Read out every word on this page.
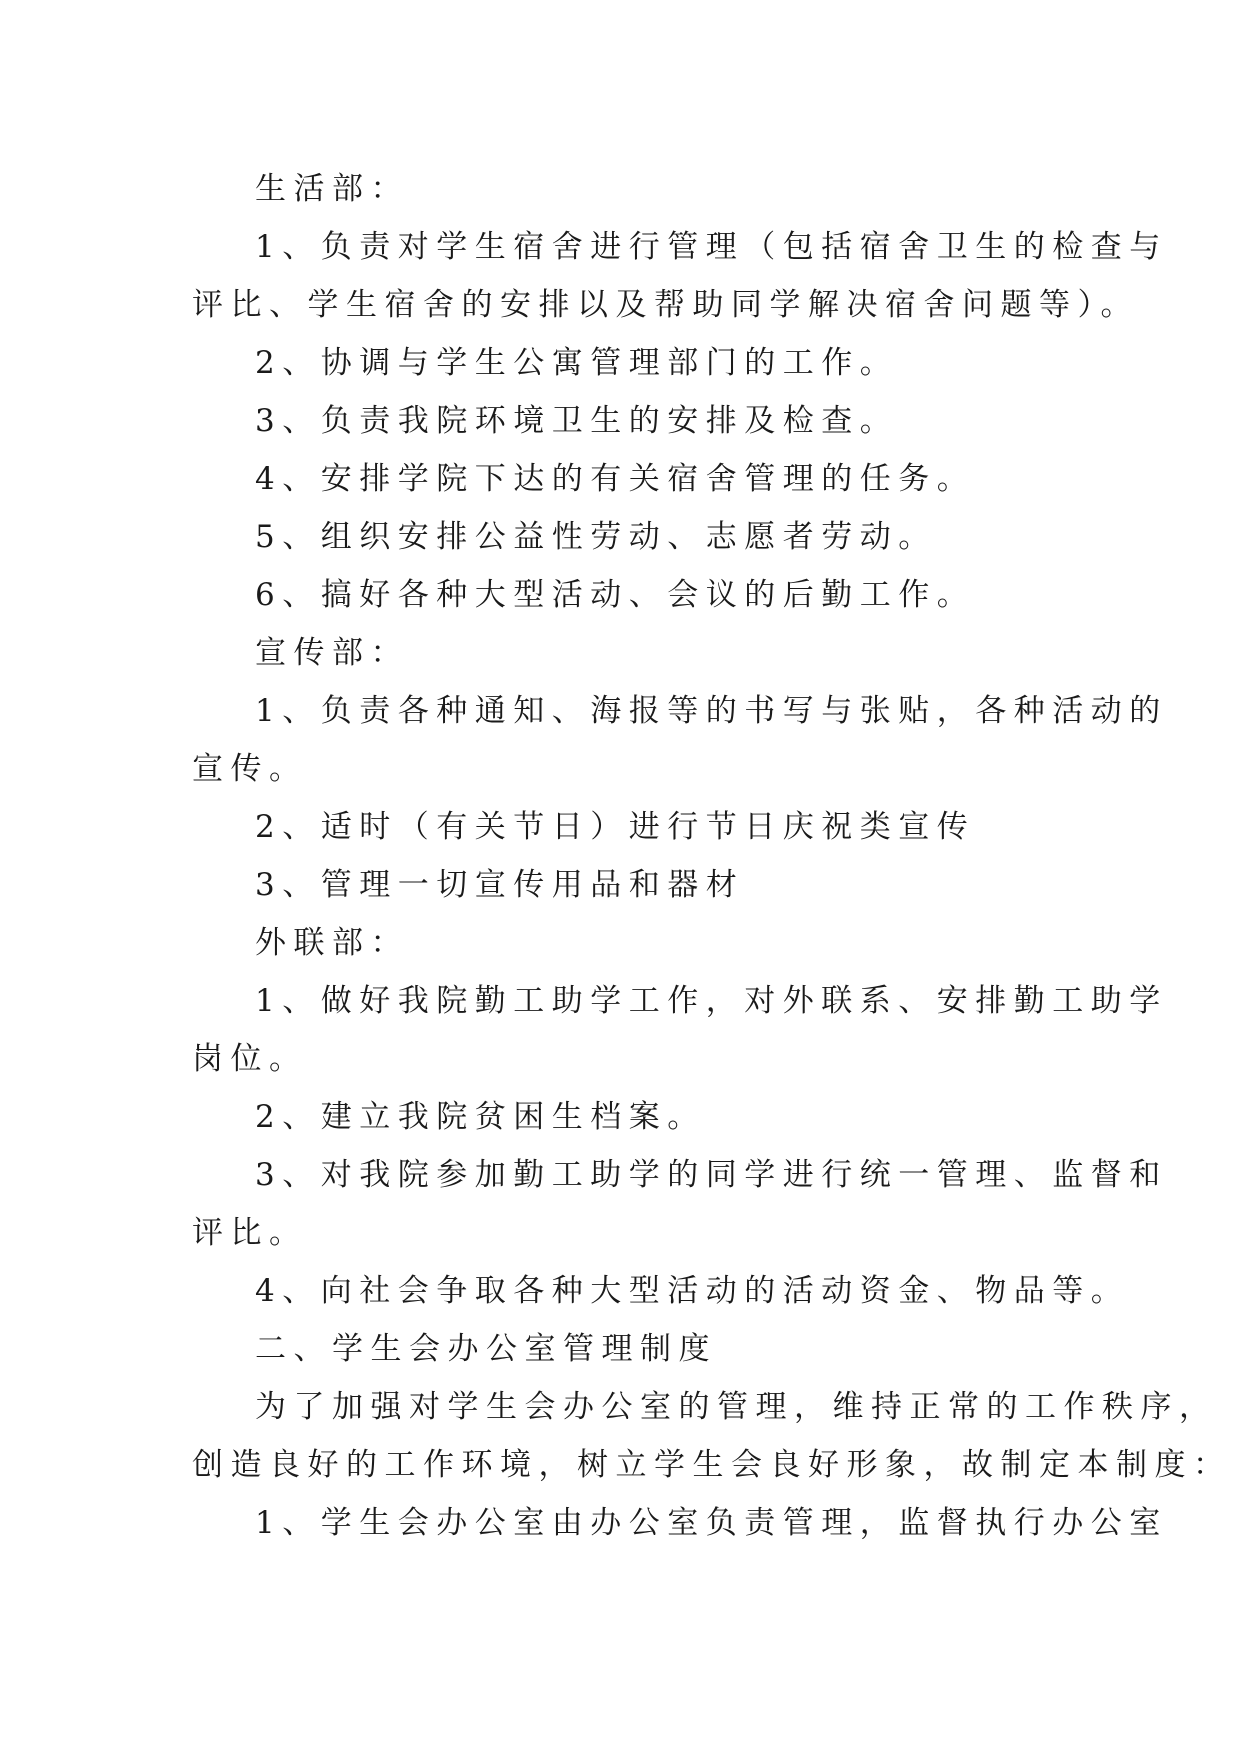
生活部：
1、负责对学生宿舍进行管理（包括宿舍卫生的检查与
评比、学生宿舍的安排以及帮助同学解决宿舍问题等）。
2、协调与学生公寓管理部门的工作。
3、负责我院环境卫生的安排及检查。
4、安排学院下达的有关宿舍管理的任务。
5、组织安排公益性劳动、志愿者劳动。
6、搞好各种大型活动、会议的后勤工作。
宣传部：
1、负责各种通知、海报等的书写与张贴，各种活动的
宣传。
2、适时（有关节日）进行节日庆祝类宣传
3、管理一切宣传用品和器材
外联部：
1、做好我院勤工助学工作，对外联系、安排勤工助学
岗位。
2、建立我院贫困生档案。
3、对我院参加勤工助学的同学进行统一管理、监督和
评比。
4、向社会争取各种大型活动的活动资金、物品等。
二、学生会办公室管理制度
为了加强对学生会办公室的管理，维持正常的工作秩序，
创造良好的工作环境，树立学生会良好形象，故制定本制度：
1、学生会办公室由办公室负责管理，监督执行办公室
